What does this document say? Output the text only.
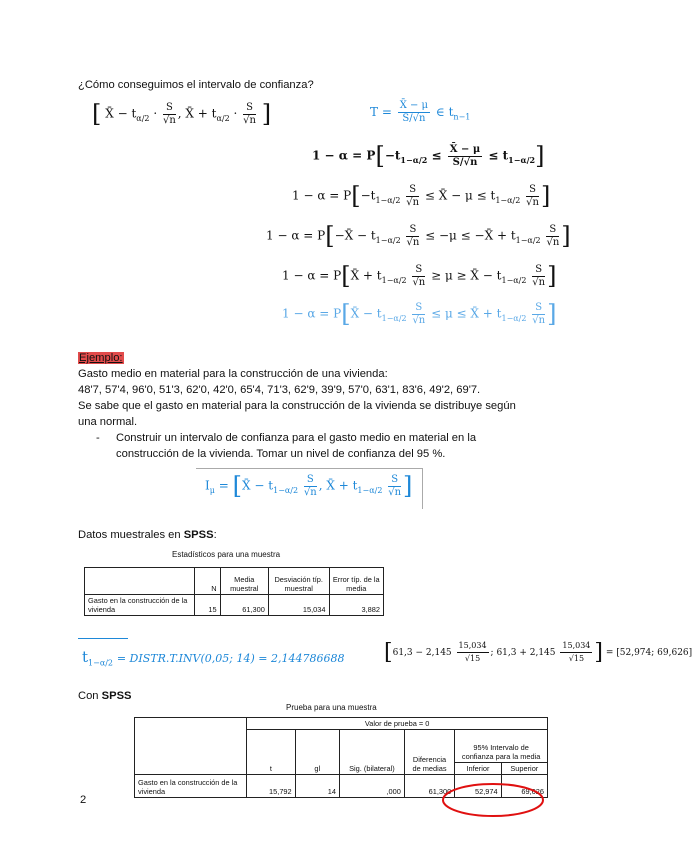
¿Cómo conseguimos el intervalo de confianza?
[ X̄ − $t_{\alpha/2} \cdot \frac{S}{√n}$ , X̄ + $t_{\alpha/2} \cdot \frac{S}{√n}$ ]	$T = \frac{X̄ - \mu}{S/√n}$ ∈ $t_{n-1}$
$1 - \alpha = P[-t_{1-\alpha/2} \le \frac{X̄ - \mu}{S/√n} \le t_{1-\alpha/2}]$
$1 - \alpha = P[-t_{1-\alpha/2} \frac{S}{√n}$ ≤ X̄ − $\mu \le t_{1-\alpha/2} \frac{S}{√n}$ ]
1 − α = P[−X̄ − $t_{1-\alpha/2} \frac{S}{√n} \le -\mu$ ≤ −X̄ + $t_{1-\alpha/2} \frac{S}{√n}$ ]
1 − α = P[X̄ + $t_{1-\alpha/2} \frac{S}{√n} \ge \mu$ ≥ X̄ − $t_{1-\alpha/2} \frac{S}{√n}$ ]
1 − α = P[X̄ − $t_{1-\alpha/2} \frac{S}{√n} \le \mu$ ≤ X̄ + $t_{1-\alpha/2} \frac{S}{√n}$ ]
Ejemplo:
Gasto medio en material para la construcción de una vivienda:
48'7, 57'4, 96'0, 51'3, 62'0, 42'0, 65'4, 71'3, 62'9, 39'9, 57'0, 63'1, 83'6, 49'2, 69'7.
Se sabe que el gasto en material para la construcción de la vivienda se distribuye según
una normal.
- Construir un intervalo de confianza para el gasto medio en material en la
construcción de la vivienda. Tomar un nivel de confianza del 95 %.
$I_\mu$ = [X̄ − $t_{1-\alpha/2} \frac{S}{√n}$ , X̄ + $t_{1-\alpha/2} \frac{S}{√n}$ ]
Datos muestrales en SPSS:
Estadísticos para una muestra
	N	Media muestral	Desviación típ. muestral	Error típ. de la media
Gasto en la construcción de la vivienda	15	61,300	15,034	3,882
$t_{1-\alpha/2}$ = DISTR.T.INV(0,05; 14) = 2,144786688 [$61,3 - 2,145 \frac{15,034}{√15}$ ; $61,3 + 2,145 \frac{15,034}{√15}$ ] = [52,974; 69,626]
Con SPSS
Prueba para una muestra
	Valor de prueba = 0					
	t	gl	Sig. (bilateral)	Diferencia de medias	95% Intervalo de confianza para la media	
					Inferior	Superior
Gasto en la construcción de la vivienda	15,792	14	,000	61,300	52,974	69,626
2
